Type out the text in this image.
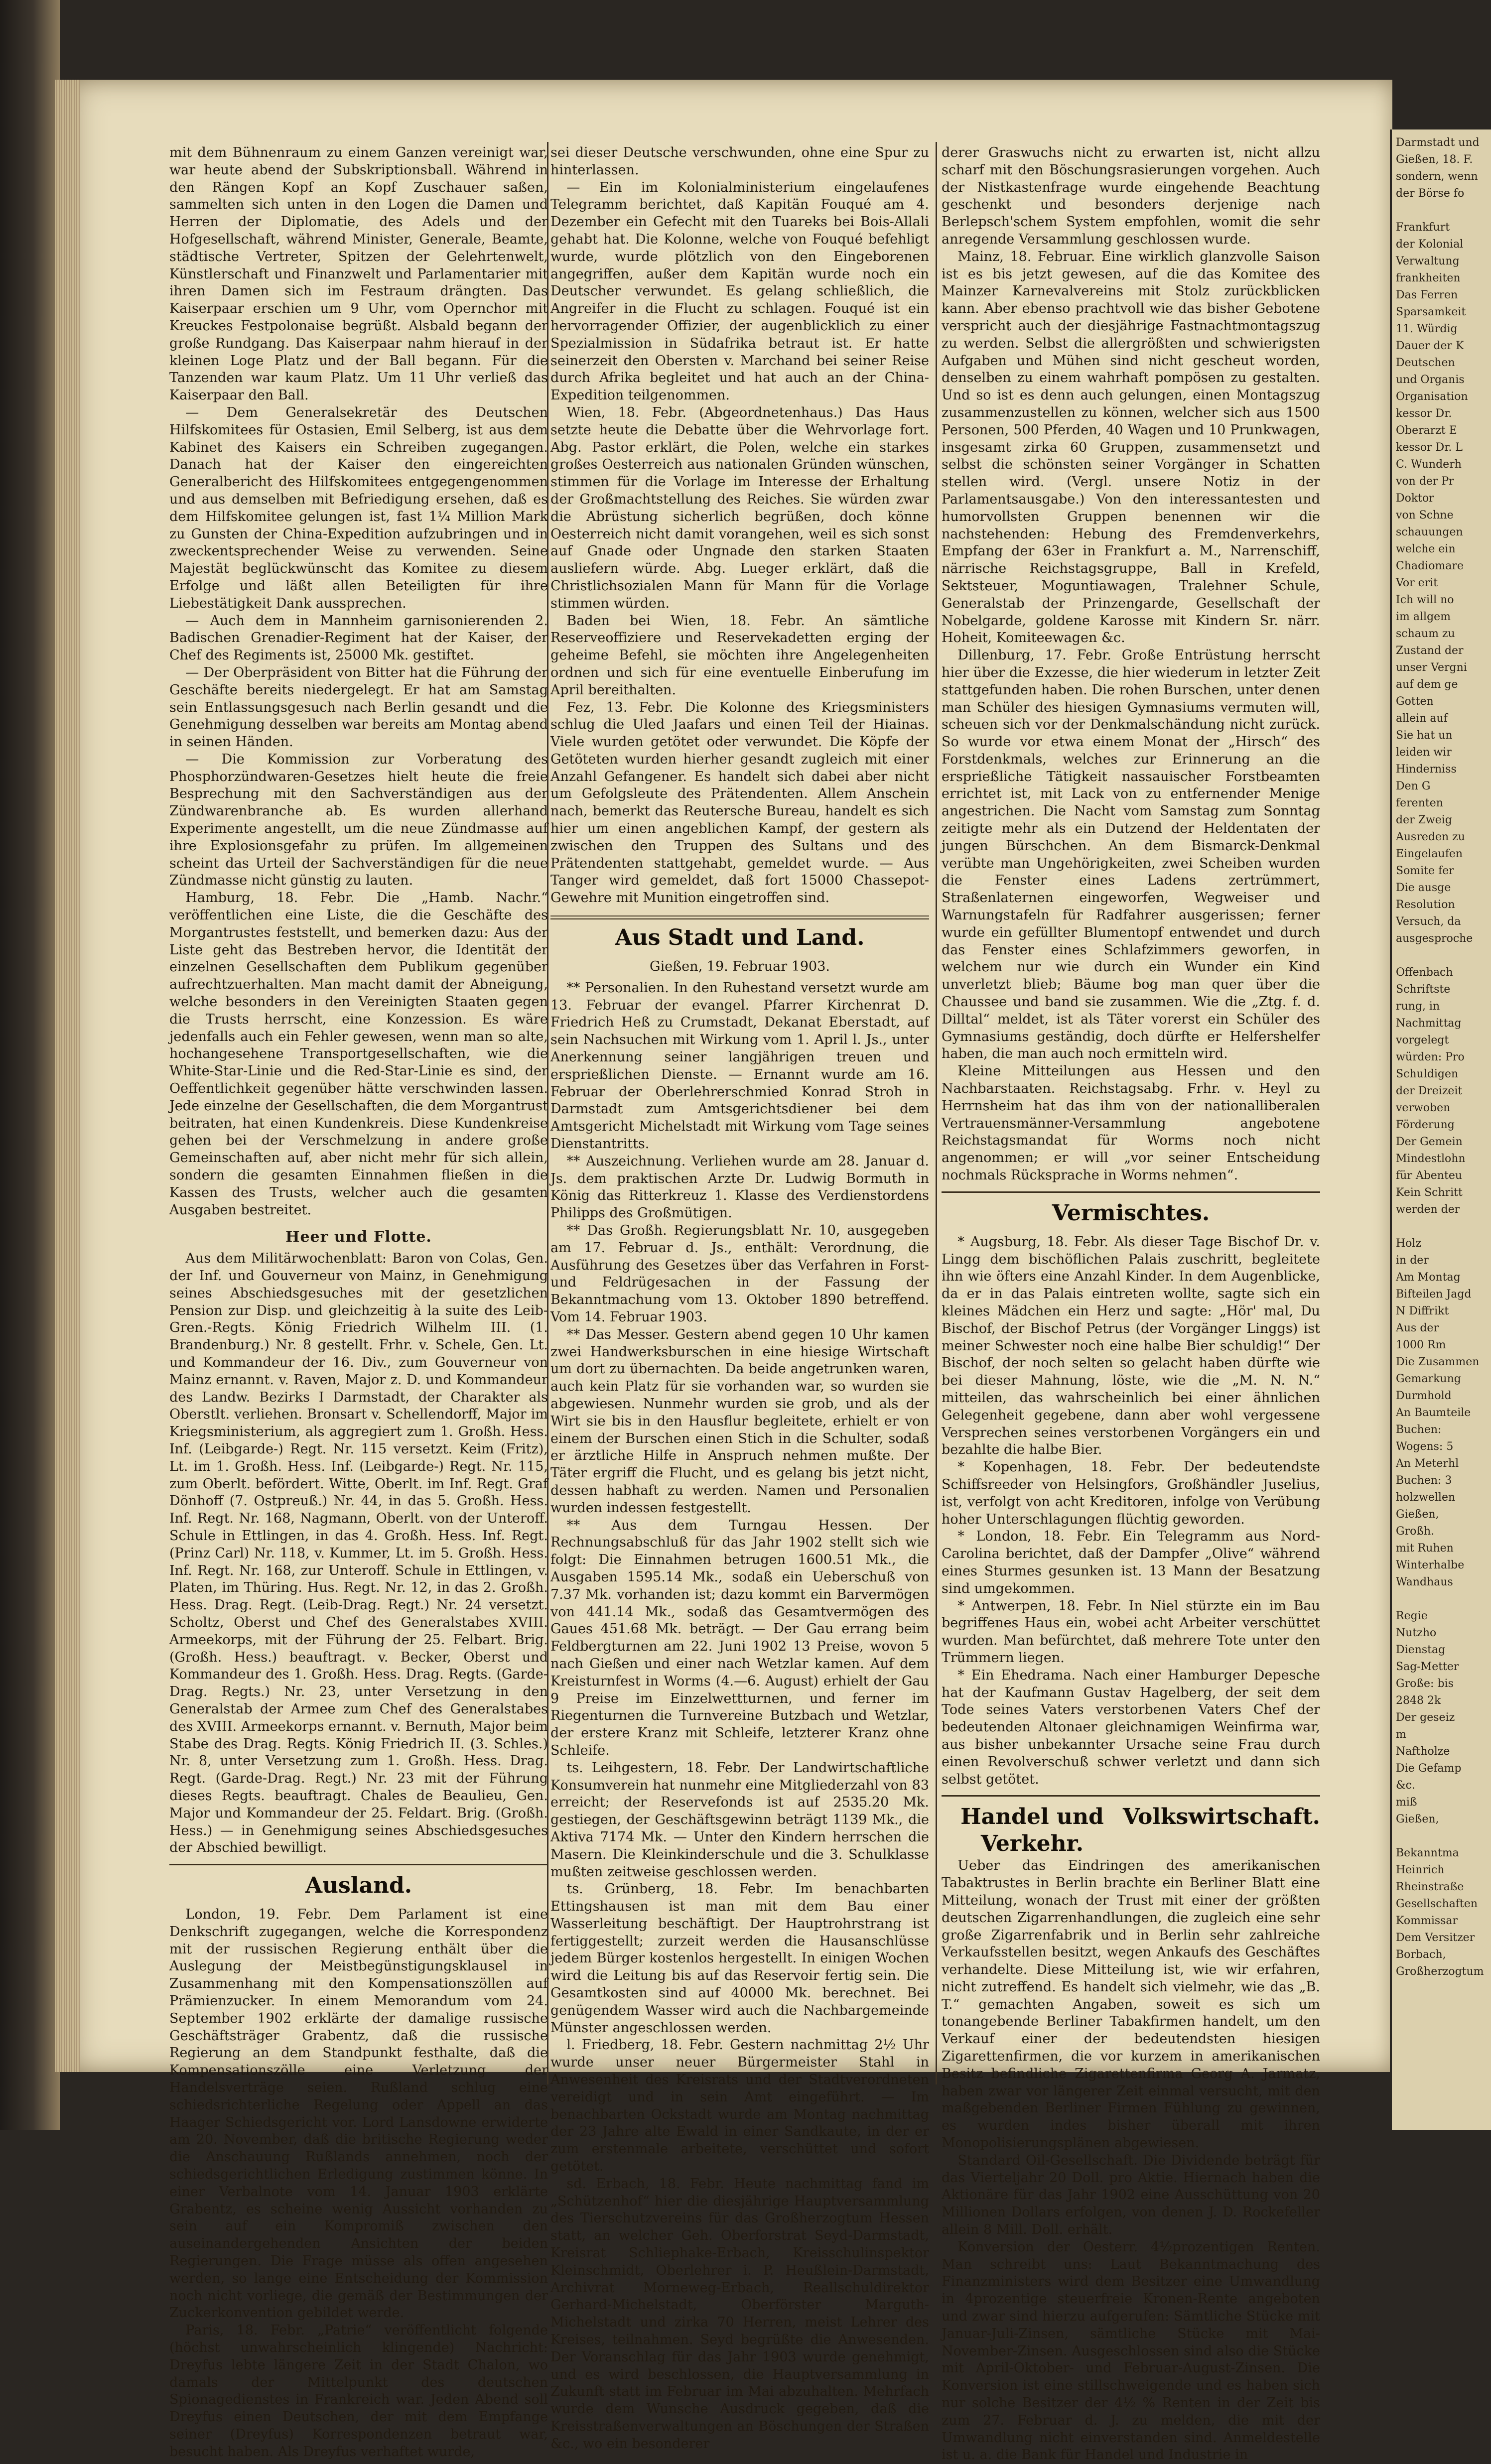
Darmstadt und
Gießen, 18. F.
sondern, wenn
der Börse fo

Frankfurt
der Kolonial
Verwaltung
frankheiten
Das Ferren
Sparsamkeit
11. Würdig
Dauer der K
Deutschen
und Organis
Organisation
kessor Dr.
Oberarzt E
kessor Dr. L
C. Wunderh
von der Pr
Doktor
von Schne
schauungen
welche ein
Chadiomare
Vor erit
Ich will no
im allgem
schaum zu
Zustand der
unser Vergni
auf dem ge
Gotten
allein auf
Sie hat un
leiden wir
Hinderniss
Den G
ferenten
der Zweig
Ausreden zu
Eingelaufen
Somite fer
Die ausge
Resolution
Versuch, da
ausgesproche

Offenbach
Schriftste
rung, in
Nachmittag
vorgelegt
würden: Pro
Schuldigen
der Dreizeit
verwoben
Förderung
Der Gemein
Mindestlohn
für Abenteu
Kein Schritt
werden der

Holz
in der
Am Montag
Bifteilen Jagd
N Diffrikt
Aus der
1000 Rm
Die Zusammen
Gemarkung
Durmhold
An Baumteile
Buchen:
Wogens: 5
An Meterhl
Buchen: 3
holzwellen
Gießen,
Großh.
mit Ruhen
Winterhalbe
Wandhaus

Regie
Nutzho
Dienstag
Sag-Metter
Große: bis
2848 2k
Der geseiz
m
Naftholze
Die Gefamp
&c.
miß
Gießen,

Bekanntma
Heinrich
Rheinstraße
Gesellschaften
Kommissar
Dem Versitzer
Borbach,
Großherzogtum

mit dem Bühnenraum zu einem Ganzen vereinigt war, war heute abend der Subskriptionsball. Während in den Rängen Kopf an Kopf Zuschauer saßen, sammelten sich unten in den Logen die Damen und Herren der Diplomatie, des Adels und der Hofgesellschaft, während Minister, Generale, Beamte, städtische Vertreter, Spitzen der Gelehrtenwelt, Künstlerschaft und Finanzwelt und Parlamentarier mit ihren Damen sich im Festraum drängten. Das Kaiserpaar erschien um 9 Uhr, vom Opernchor mit Kreuckes Festpolonaise begrüßt. Alsbald begann der große Rundgang. Das Kaiserpaar nahm hierauf in der kleinen Loge Platz und der Ball begann. Für die Tanzenden war kaum Platz. Um 11 Uhr verließ das Kaiserpaar den Ball.

— Dem Generalsekretär des Deutschen Hilfskomitees für Ostasien, Emil Selberg, ist aus dem Kabinet des Kaisers ein Schreiben zugegangen. Danach hat der Kaiser den eingereichten Generalbericht des Hilfskomitees entgegengenommen und aus demselben mit Befriedigung ersehen, daß es dem Hilfskomitee gelungen ist, fast 1¼ Million Mark zu Gunsten der China-Expedition aufzubringen und in zweckentsprechender Weise zu verwenden. Seine Majestät beglückwünscht das Komitee zu diesem Erfolge und läßt allen Beteiligten für ihre Liebestätigkeit Dank aussprechen.

— Auch dem in Mannheim garnisonierenden 2. Badischen Grenadier-Regiment hat der Kaiser, der Chef des Regiments ist, 25000 Mk. gestiftet.

— Der Oberpräsident von Bitter hat die Führung der Geschäfte bereits niedergelegt. Er hat am Samstag sein Entlassungsgesuch nach Berlin gesandt und die Genehmigung desselben war bereits am Montag abend in seinen Händen.

— Die Kommission zur Vorberatung des Phosphorzündwaren-Gesetzes hielt heute die freie Besprechung mit den Sachverständigen aus der Zündwarenbranche ab. Es wurden allerhand Experimente angestellt, um die neue Zündmasse auf ihre Explosionsgefahr zu prüfen. Im allgemeinen scheint das Urteil der Sachverständigen für die neue Zündmasse nicht günstig zu lauten.

Hamburg, 18. Febr. Die „Hamb. Nachr.“ veröffentlichen eine Liste, die die Geschäfte des Morgantrustes feststellt, und bemerken dazu: Aus der Liste geht das Bestreben hervor, die Identität der einzelnen Gesellschaften dem Publikum gegenüber aufrechtzuerhalten. Man macht damit der Abneigung, welche besonders in den Vereinigten Staaten gegen die Trusts herrscht, eine Konzession. Es wäre jedenfalls auch ein Fehler gewesen, wenn man so alte, hochangesehene Transportgesellschaften, wie die White-Star-Linie und die Red-Star-Linie es sind, der Oeffentlichkeit gegenüber hätte verschwinden lassen. Jede einzelne der Gesellschaften, die dem Morgantrust beitraten, hat einen Kundenkreis. Diese Kundenkreise gehen bei der Verschmelzung in andere große Gemeinschaften auf, aber nicht mehr für sich allein, sondern die gesamten Einnahmen fließen in die Kassen des Trusts, welcher auch die gesamten Ausgaben bestreitet.

Heer und Flotte.

Aus dem Militärwochenblatt: Baron von Colas, Gen. der Inf. und Gouverneur von Mainz, in Genehmigung seines Abschiedsgesuches mit der gesetzlichen Pension zur Disp. und gleichzeitig à la suite des Leib-Gren.-Regts. König Friedrich Wilhelm III. (1. Brandenburg.) Nr. 8 gestellt. Frhr. v. Schele, Gen. Lt. und Kommandeur der 16. Div., zum Gouverneur von Mainz ernannt. v. Raven, Major z. D. und Kommandeur des Landw. Bezirks I Darmstadt, der Charakter als Oberstlt. verliehen. Bronsart v. Schellendorff, Major im Kriegsministerium, als aggregiert zum 1. Großh. Hess. Inf. (Leibgarde-) Regt. Nr. 115 versetzt. Keim (Fritz), Lt. im 1. Großh. Hess. Inf. (Leibgarde-) Regt. Nr. 115, zum Oberlt. befördert. Witte, Oberlt. im Inf. Regt. Graf Dönhoff (7. Ostpreuß.) Nr. 44, in das 5. Großh. Hess. Inf. Regt. Nr. 168, Nagmann, Oberlt. von der Unteroff. Schule in Ettlingen, in das 4. Großh. Hess. Inf. Regt. (Prinz Carl) Nr. 118, v. Kummer, Lt. im 5. Großh. Hess. Inf. Regt. Nr. 168, zur Unteroff. Schule in Ettlingen, v. Platen, im Thüring. Hus. Regt. Nr. 12, in das 2. Großh. Hess. Drag. Regt. (Leib-Drag. Regt.) Nr. 24 versetzt. Scholtz, Oberst und Chef des Generalstabes XVIII. Armeekorps, mit der Führung der 25. Felbart. Brig. (Großh. Hess.) beauftragt. v. Becker, Oberst und Kommandeur des 1. Großh. Hess. Drag. Regts. (Garde-Drag. Regts.) Nr. 23, unter Versetzung in den Generalstab der Armee zum Chef des Generalstabes des XVIII. Armeekorps ernannt. v. Bernuth, Major beim Stabe des Drag. Regts. König Friedrich II. (3. Schles.) Nr. 8, unter Versetzung zum 1. Großh. Hess. Drag. Regt. (Garde-Drag. Regt.) Nr. 23 mit der Führung dieses Regts. beauftragt. Chales de Beaulieu, Gen. Major und Kommandeur der 25. Feldart. Brig. (Großh. Hess.) — in Genehmigung seines Abschiedsgesuches der Abschied bewilligt.

Ausland.

London, 19. Febr. Dem Parlament ist eine Denkschrift zugegangen, welche die Korrespondenz mit der russischen Regierung enthält über die Auslegung der Meistbegünstigungsklausel in Zusammenhang mit den Kompensationszöllen auf Prämienzucker. In einem Memorandum vom 24. September 1902 erklärte der damalige russische Geschäftsträger Grabentz, daß die russische Regierung an dem Standpunkt festhalte, daß die Kompensationszölle eine Verletzung der Handelsverträge seien. Rußland schlug eine schiedsrichterliche Regelung oder Appell an das Haager Schiedsgericht vor. Lord Lansdowne erwiderte am 20. November, daß die britische Regierung weder die Anschauung Rußlands annehmen, noch der schiedsgerichtlichen Erledigung zustimmen könne. In einer Verbalnote vom 14. Januar 1903 erklärte Grabentz, es scheine wenig Aussicht vorhanden zu sein auf ein Kompromiß zwischen den auseinandergehenden Ansichten der beiden Regierungen. Die Frage müsse als offen angesehen werden, so lange eine Entscheidung der Kommission noch nicht vorliege, die gemäß der Bestimmungen der Zuckerkonvention gebildet werde.

Paris, 18. Febr. „Patrie“ veröffentlicht folgende (höchst unwahrscheinlich klingende) Nachricht: Dreyfus lebte längere Zeit in der Stadt Chalon, wo damals der Mittelpunkt des deutschen Spionagedienstes in Frankreich war. Jeden Abend soll Dreyfus einen Deutschen, der mit dem Empfange seiner (Dreyfus) Korrespondenzen betraut war, besucht haben. Als Dreyfus verhaftet wurde,

sei dieser Deutsche verschwunden, ohne eine Spur zu hinterlassen.

— Ein im Kolonialministerium eingelaufenes Telegramm berichtet, daß Kapitän Fouqué am 4. Dezember ein Gefecht mit den Tuareks bei Bois-Allali gehabt hat. Die Kolonne, welche von Fouqué befehligt wurde, wurde plötzlich von den Eingeborenen angegriffen, außer dem Kapitän wurde noch ein Deutscher verwundet. Es gelang schließlich, die Angreifer in die Flucht zu schlagen. Fouqué ist ein hervorragender Offizier, der augenblicklich zu einer Spezialmission in Südafrika betraut ist. Er hatte seinerzeit den Obersten v. Marchand bei seiner Reise durch Afrika begleitet und hat auch an der China-Expedition teilgenommen.

Wien, 18. Febr. (Abgeordnetenhaus.) Das Haus setzte heute die Debatte über die Wehrvorlage fort. Abg. Pastor erklärt, die Polen, welche ein starkes großes Oesterreich aus nationalen Gründen wünschen, stimmen für die Vorlage im Interesse der Erhaltung der Großmachtstellung des Reiches. Sie würden zwar die Abrüstung sicherlich begrüßen, doch könne Oesterreich nicht damit vorangehen, weil es sich sonst auf Gnade oder Ungnade den starken Staaten ausliefern würde. Abg. Lueger erklärt, daß die Christlichsozialen Mann für Mann für die Vorlage stimmen würden.

Baden bei Wien, 18. Febr. An sämtliche Reserveoffiziere und Reservekadetten erging der geheime Befehl, sie möchten ihre Angelegenheiten ordnen und sich für eine eventuelle Einberufung im April bereithalten.

Fez, 13. Febr. Die Kolonne des Kriegsministers schlug die Uled Jaafars und einen Teil der Hiainas. Viele wurden getötet oder verwundet. Die Köpfe der Getöteten wurden hierher gesandt zugleich mit einer Anzahl Gefangener. Es handelt sich dabei aber nicht um Gefolgsleute des Prätendenten. Allem Anschein nach, bemerkt das Reutersche Bureau, handelt es sich hier um einen angeblichen Kampf, der gestern als zwischen den Truppen des Sultans und des Prätendenten stattgehabt, gemeldet wurde. — Aus Tanger wird gemeldet, daß fort 15000 Chassepot-Gewehre mit Munition eingetroffen sind.

Aus Stadt und Land.

Gießen, 19. Februar 1903.

** Personalien. In den Ruhestand versetzt wurde am 13. Februar der evangel. Pfarrer Kirchenrat D. Friedrich Heß zu Crumstadt, Dekanat Eberstadt, auf sein Nachsuchen mit Wirkung vom 1. April l. Js., unter Anerkennung seiner langjährigen treuen und ersprießlichen Dienste. — Ernannt wurde am 16. Februar der Oberlehrerschmied Konrad Stroh in Darmstadt zum Amtsgerichtsdiener bei dem Amtsgericht Michelstadt mit Wirkung vom Tage seines Dienstantritts.

** Auszeichnung. Verliehen wurde am 28. Januar d. Js. dem praktischen Arzte Dr. Ludwig Bormuth in König das Ritterkreuz 1. Klasse des Verdienstordens Philipps des Großmütigen.

** Das Großh. Regierungsblatt Nr. 10, ausgegeben am 17. Februar d. Js., enthält: Verordnung, die Ausführung des Gesetzes über das Verfahren in Forst- und Feldrügesachen in der Fassung der Bekanntmachung vom 13. Oktober 1890 betreffend. Vom 14. Februar 1903.

** Das Messer. Gestern abend gegen 10 Uhr kamen zwei Handwerksburschen in eine hiesige Wirtschaft um dort zu übernachten. Da beide angetrunken waren, auch kein Platz für sie vorhanden war, so wurden sie abgewiesen. Nunmehr wurden sie grob, und als der Wirt sie bis in den Hausflur begleitete, erhielt er von einem der Burschen einen Stich in die Schulter, sodaß er ärztliche Hilfe in Anspruch nehmen mußte. Der Täter ergriff die Flucht, und es gelang bis jetzt nicht, dessen habhaft zu werden. Namen und Personalien wurden indessen festgestellt.

** Aus dem Turngau Hessen. Der Rechnungsabschluß für das Jahr 1902 stellt sich wie folgt: Die Einnahmen betrugen 1600.51 Mk., die Ausgaben 1595.14 Mk., sodaß ein Ueberschuß von 7.37 Mk. vorhanden ist; dazu kommt ein Barvermögen von 441.14 Mk., sodaß das Gesamtvermögen des Gaues 451.68 Mk. beträgt. — Der Gau errang beim Feldbergturnen am 22. Juni 1902 13 Preise, wovon 5 nach Gießen und einer nach Wetzlar kamen. Auf dem Kreisturnfest in Worms (4.—6. August) erhielt der Gau 9 Preise im Einzelwettturnen, und ferner im Riegenturnen die Turnvereine Butzbach und Wetzlar, der erstere Kranz mit Schleife, letzterer Kranz ohne Schleife.

ts. Leihgestern, 18. Febr. Der Landwirtschaftliche Konsumverein hat nunmehr eine Mitgliederzahl von 83 erreicht; der Reservefonds ist auf 2535.20 Mk. gestiegen, der Geschäftsgewinn beträgt 1139 Mk., die Aktiva 7174 Mk. — Unter den Kindern herrschen die Masern. Die Kleinkinderschule und die 3. Schulklasse mußten zeitweise geschlossen werden.

ts. Grünberg, 18. Febr. Im benachbarten Ettingshausen ist man mit dem Bau einer Wasserleitung beschäftigt. Der Hauptrohrstrang ist fertiggestellt; zurzeit werden die Hausanschlüsse jedem Bürger kostenlos hergestellt. In einigen Wochen wird die Leitung bis auf das Reservoir fertig sein. Die Gesamtkosten sind auf 40000 Mk. berechnet. Bei genügendem Wasser wird auch die Nachbargemeinde Münster angeschlossen werden.

l. Friedberg, 18. Febr. Gestern nachmittag 2½ Uhr wurde unser neuer Bürgermeister Stahl in Anwesenheit des Kreisrats und der Stadtverordneten vereidigt und in sein Amt eingeführt. — Im benachbarten Ockstadt wurde am Montag nachmittag der 23 Jahre alte Ewald in einer Sandkaute, in der er zum erstenmale arbeitete, verschüttet und sofort getötet.

sd. Erbach, 18. Febr. Heute nachmittag fand im „Schützenhof“ hier die diesjährige Hauptversammlung des Tierschutzvereins für das Großherzogtum Hessen statt, an welcher Geh. Oberforstrat Seyd-Darmstadt, Kreisrat Schliephake-Erbach, Kreisschulinspektor Kleinschmidt, Oberlehrer i. P. Heußlein-Darmstadt, Archivrat Morneweg-Erbach, Reallschuldirektor Gerhard-Michelstadt, Oberförster Marguth-Michelstadt und zirka 70 Herren, meist Lehrer des Kreises, teilnahmen. Seyd begrüßte die Anwesenden. Der Voranschlag für das Jahr 1903 wurde genehmigt, und es wird beschlossen, die Hauptversammlung in Zukunft statt im Februar im Mai abzuhalten. Mehrfach wurde dem Wunsche Ausdruck gegeben, daß die Kreisstraßenverwaltungen an Böschungen der Straßen &c., wo ein besonderer

derer Graswuchs nicht zu erwarten ist, nicht allzu scharf mit den Böschungsrasierungen vorgehen. Auch der Nistkastenfrage wurde eingehende Beachtung geschenkt und besonders derjenige nach Berlepsch'schem System empfohlen, womit die sehr anregende Versammlung geschlossen wurde.

Mainz, 18. Februar. Eine wirklich glanzvolle Saison ist es bis jetzt gewesen, auf die das Komitee des Mainzer Karnevalvereins mit Stolz zurückblicken kann. Aber ebenso prachtvoll wie das bisher Gebotene verspricht auch der diesjährige Fastnachtmontagszug zu werden. Selbst die allergrößten und schwierigsten Aufgaben und Mühen sind nicht gescheut worden, denselben zu einem wahrhaft pompösen zu gestalten. Und so ist es denn auch gelungen, einen Montagszug zusammenzustellen zu können, welcher sich aus 1500 Personen, 500 Pferden, 40 Wagen und 10 Prunkwagen, insgesamt zirka 60 Gruppen, zusammensetzt und selbst die schönsten seiner Vorgänger in Schatten stellen wird. (Vergl. unsere Notiz in der Parlamentsausgabe.) Von den interessantesten und humorvollsten Gruppen benennen wir die nachstehenden: Hebung des Fremdenverkehrs, Empfang der 63er in Frankfurt a. M., Narrenschiff, närrische Reichstagsgruppe, Ball in Krefeld, Sektsteuer, Moguntiawagen, Tralehner Schule, Generalstab der Prinzengarde, Gesellschaft der Nobelgarde, goldene Karosse mit Kindern Sr. närr. Hoheit, Komiteewagen &c.

Dillenburg, 17. Febr. Große Entrüstung herrscht hier über die Exzesse, die hier wiederum in letzter Zeit stattgefunden haben. Die rohen Burschen, unter denen man Schüler des hiesigen Gymnasiums vermuten will, scheuen sich vor der Denkmalschändung nicht zurück. So wurde vor etwa einem Monat der „Hirsch“ des Forstdenkmals, welches zur Erinnerung an die ersprießliche Tätigkeit nassauischer Forstbeamten errichtet ist, mit Lack von zu entfernender Menige angestrichen. Die Nacht vom Samstag zum Sonntag zeitigte mehr als ein Dutzend der Heldentaten der jungen Bürschchen. An dem Bismarck-Denkmal verübte man Ungehörigkeiten, zwei Scheiben wurden die Fenster eines Ladens zertrümmert, Straßenlaternen eingeworfen, Wegweiser und Warnungstafeln für Radfahrer ausgerissen; ferner wurde ein gefüllter Blumentopf entwendet und durch das Fenster eines Schlafzimmers geworfen, in welchem nur wie durch ein Wunder ein Kind unverletzt blieb; Bäume bog man quer über die Chaussee und band sie zusammen. Wie die „Ztg. f. d. Dilltal“ meldet, ist als Täter vorerst ein Schüler des Gymnasiums geständig, doch dürfte er Helfershelfer haben, die man auch noch ermitteln wird.

Kleine Mitteilungen aus Hessen und den Nachbarstaaten. Reichstagsabg. Frhr. v. Heyl zu Herrnsheim hat das ihm von der nationalliberalen Vertrauensmänner-Versammlung angebotene Reichstagsmandat für Worms noch nicht angenommen; er will „vor seiner Entscheidung nochmals Rücksprache in Worms nehmen“.

Vermischtes.

* Augsburg, 18. Febr. Als dieser Tage Bischof Dr. v. Lingg dem bischöflichen Palais zuschritt, begleitete ihn wie öfters eine Anzahl Kinder. In dem Augenblicke, da er in das Palais eintreten wollte, sagte sich ein kleines Mädchen ein Herz und sagte: „Hör' mal, Du Bischof, der Bischof Petrus (der Vorgänger Linggs) ist meiner Schwester noch eine halbe Bier schuldig!“ Der Bischof, der noch selten so gelacht haben dürfte wie bei dieser Mahnung, löste, wie die „M. N. N.“ mitteilen, das wahrscheinlich bei einer ähnlichen Gelegenheit gegebene, dann aber wohl vergessene Versprechen seines verstorbenen Vorgängers ein und bezahlte die halbe Bier.

* Kopenhagen, 18. Febr. Der bedeutendste Schiffsreeder von Helsingfors, Großhändler Juselius, ist, verfolgt von acht Kreditoren, infolge von Verübung hoher Unterschlagungen flüchtig geworden.

* London, 18. Febr. Ein Telegramm aus Nord-Carolina berichtet, daß der Dampfer „Olive“ während eines Sturmes gesunken ist. 13 Mann der Besatzung sind umgekommen.

* Antwerpen, 18. Febr. In Niel stürzte ein im Bau begriffenes Haus ein, wobei acht Arbeiter verschüttet wurden. Man befürchtet, daß mehrere Tote unter den Trümmern liegen.

* Ein Ehedrama. Nach einer Hamburger Depesche hat der Kaufmann Gustav Hagelberg, der seit dem Tode seines Vaters verstorbenen Vaters Chef der bedeutenden Altonaer gleichnamigen Weinfirma war, aus bisher unbekannter Ursache seine Frau durch einen Revolverschuß schwer verletzt und dann sich selbst getötet.

Handel und Verkehr.
Volkswirtschaft.

Ueber das Eindringen des amerikanischen Tabaktrustes in Berlin brachte ein Berliner Blatt eine Mitteilung, wonach der Trust mit einer der größten deutschen Zigarrenhandlungen, die zugleich eine sehr große Zigarrenfabrik und in Berlin sehr zahlreiche Verkaufsstellen besitzt, wegen Ankaufs des Geschäftes verhandelte. Diese Mitteilung ist, wie wir erfahren, nicht zutreffend. Es handelt sich vielmehr, wie das „B. T.“ gemachten Angaben, soweit es sich um tonangebende Berliner Tabakfirmen handelt, um den Verkauf einer der bedeutendsten hiesigen Zigarettenfirmen, die vor kurzem in amerikanischen Besitz befindliche Zigarettenfirma Georg A. Jarmatz, haben zwar vor längerer Zeit einmal versucht, mit den maßgebenden Berliner Firmen Fühlung zu gewinnen, es wurden indes bisher überall mit ihren Monopolisierungsplänen abgewiesen.

Standard Oil-Gesellschaft. Die Dividende beträgt für das Vierteljahr 20 Doll. pro Aktie. Hiernach haben die Aktionäre für das Jahr 1902 eine Ausschüttung von 20 Millionen Dollars erfolgen, von denen J. D. Rockefeller allein 8 Mill. Doll. erhält.

Konversion der Oesterr. 4½prozentigen Renten. Man schreibt uns: Laut Bekanntmachung des Finanzministers wird dem Besitzer eine Umwandlung in 4prozentige steuerfreie Kronen-Rente angeboten und zwar sind hierzu aufgerufen: Sämtliche Stücke mit Januar-Juli-Zinsen, sämtliche Stücke mit Mai-November-Zinsen. Ausgeschlossen sind also die Stücke mit April-Oktober- und Februar-August-Zinsen. Die Konversion ist eine stillschweigende und es haben sich nur solche Besitzer der 4½ % Renten in der Zeit bis zum 27. Februar d. J. zu melden, die mit der Umwandlung nicht einverstanden sind. Anmeldestelle ist u. a. die Bank für Handel und Industrie in
